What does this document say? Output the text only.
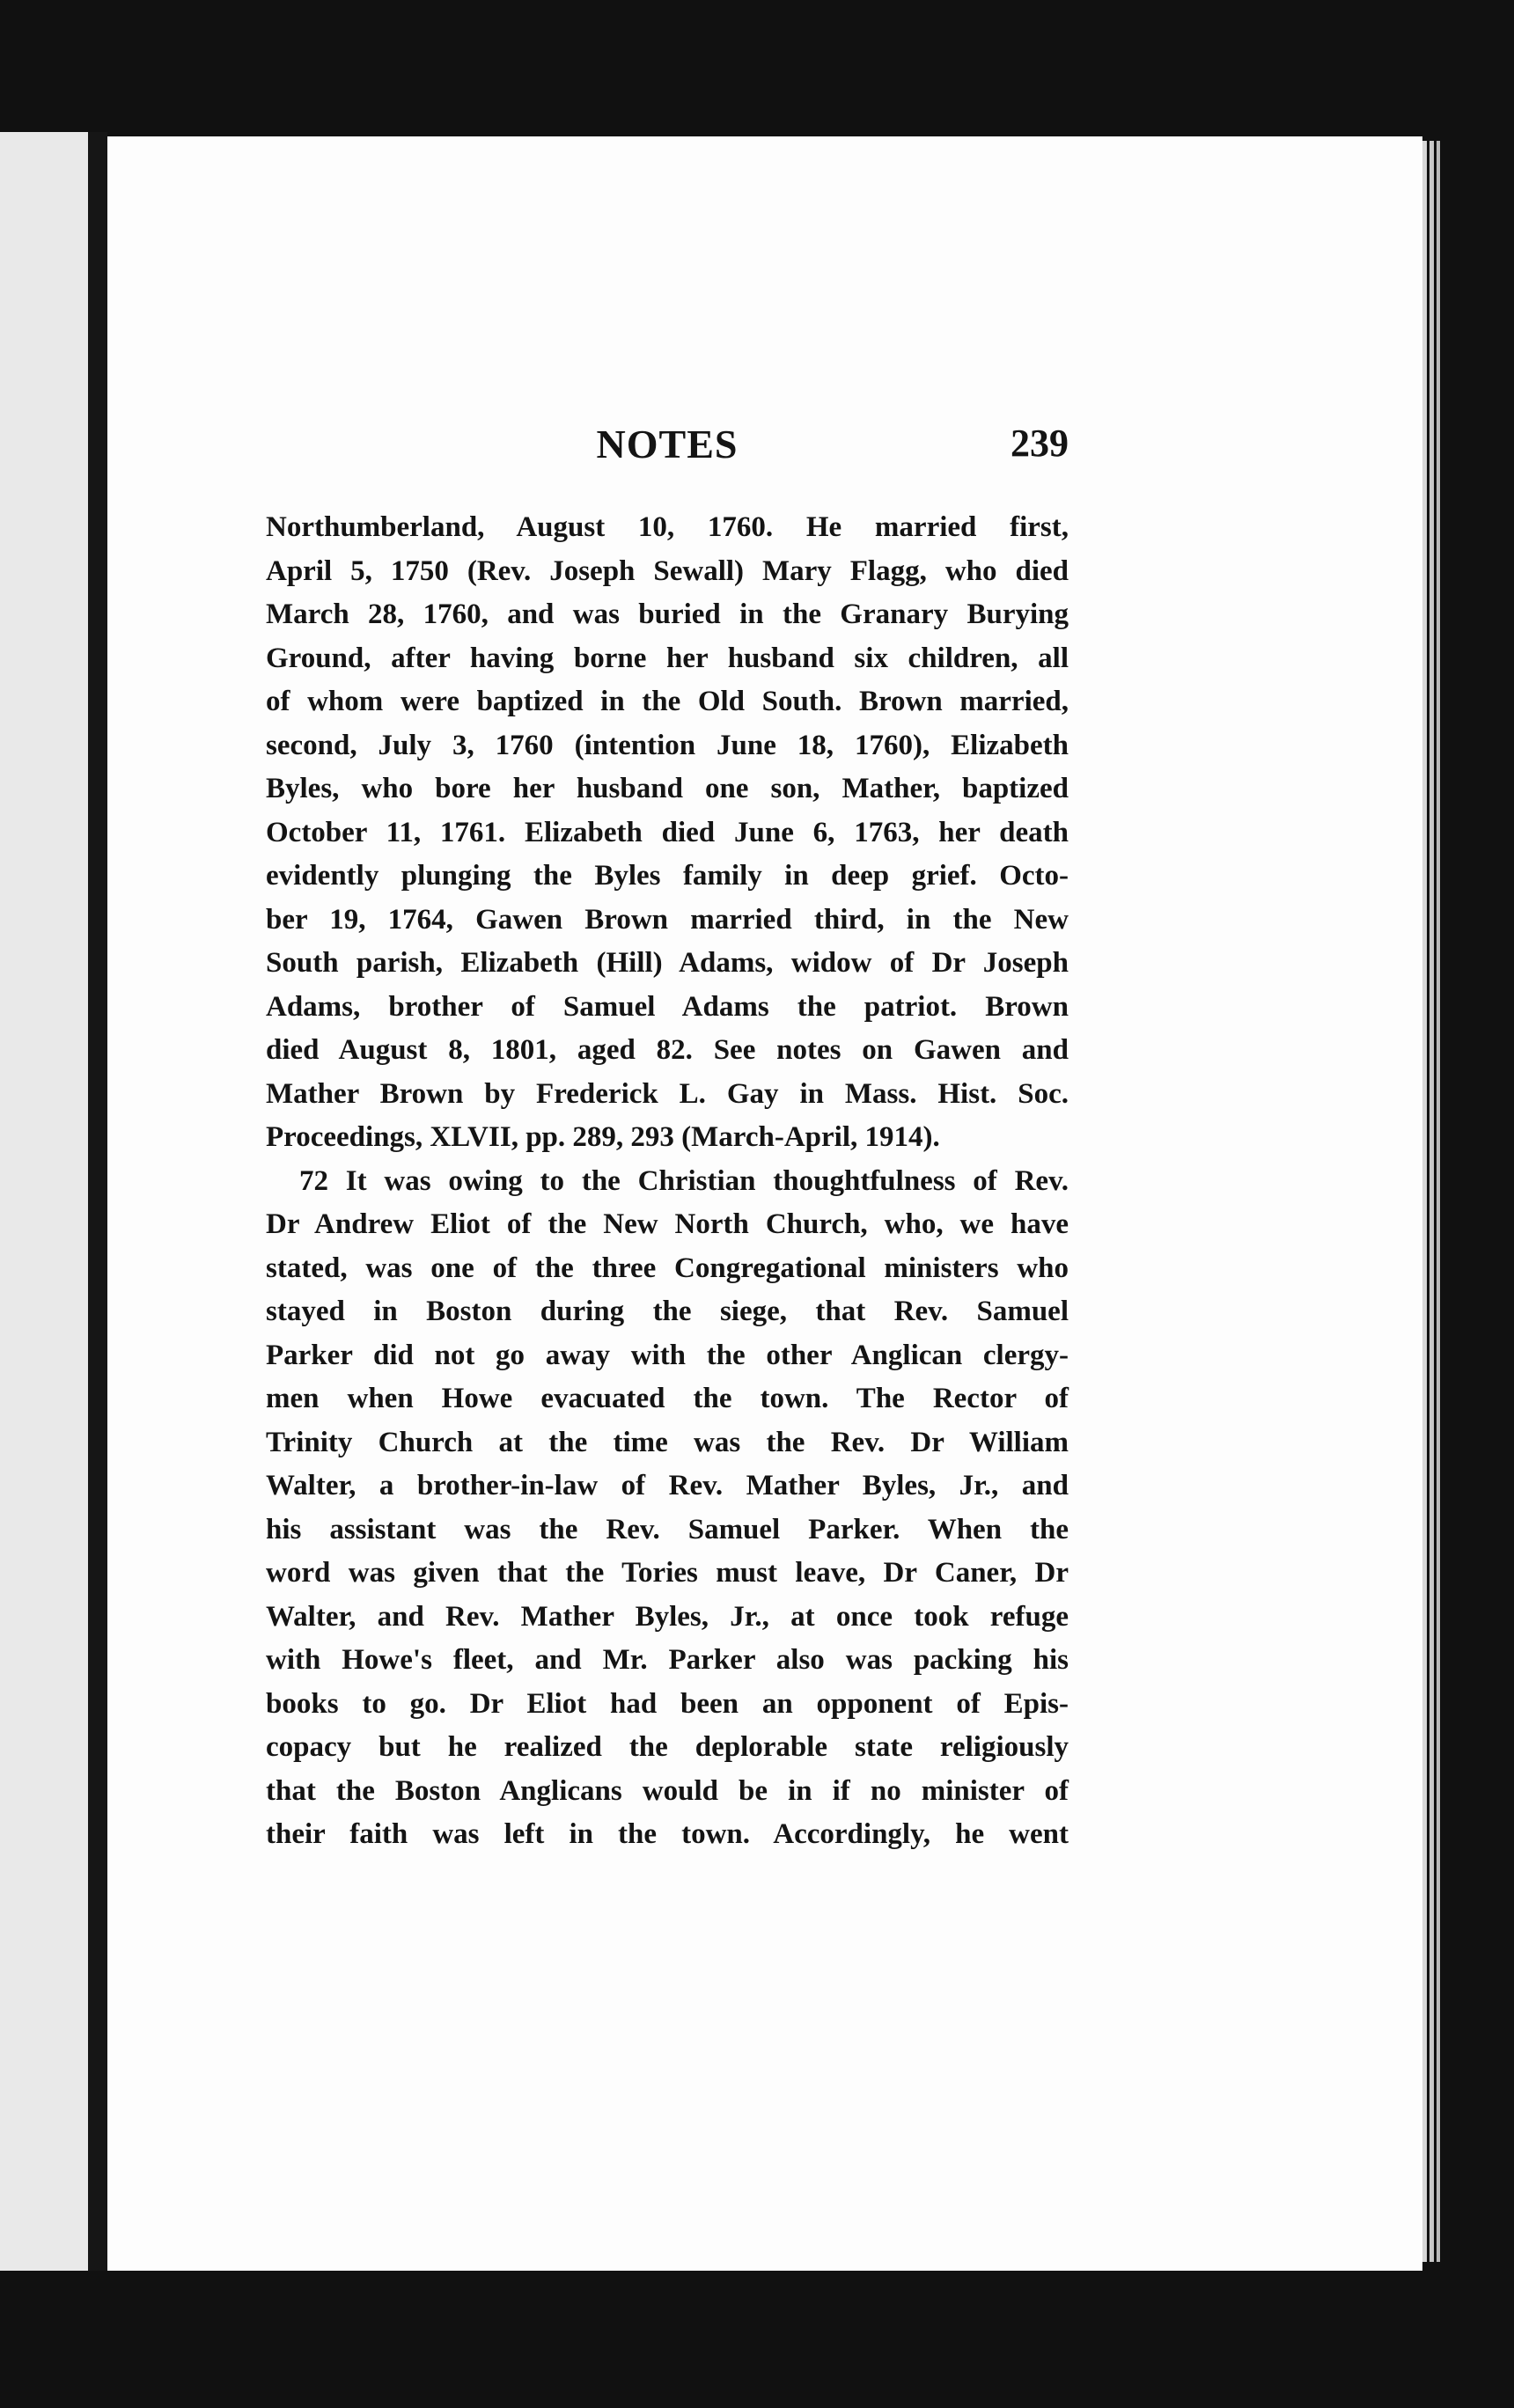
NOTES	239
Northumberland, August 10, 1760. He married first,
April 5, 1750 (Rev. Joseph Sewall) Mary Flagg, who died
March 28, 1760, and was buried in the Granary Burying
Ground, after having borne her husband six children, all
of whom were baptized in the Old South. Brown married,
second, July 3, 1760 (intention June 18, 1760), Elizabeth
Byles, who bore her husband one son, Mather, baptized
October 11, 1761. Elizabeth died June 6, 1763, her death
evidently plunging the Byles family in deep grief. Octo-
ber 19, 1764, Gawen Brown married third, in the New
South parish, Elizabeth (Hill) Adams, widow of Dr Joseph
Adams, brother of Samuel Adams the patriot. Brown
died August 8, 1801, aged 82. See notes on Gawen and
Mather Brown by Frederick L. Gay in Mass. Hist. Soc.
Proceedings, XLVII, pp. 289, 293 (March-April, 1914).
72 It was owing to the Christian thoughtfulness of Rev.
Dr Andrew Eliot of the New North Church, who, we have
stated, was one of the three Congregational ministers who
stayed in Boston during the siege, that Rev. Samuel
Parker did not go away with the other Anglican clergy-
men when Howe evacuated the town. The Rector of
Trinity Church at the time was the Rev. Dr William
Walter, a brother-in-law of Rev. Mather Byles, Jr., and
his assistant was the Rev. Samuel Parker. When the
word was given that the Tories must leave, Dr Caner, Dr
Walter, and Rev. Mather Byles, Jr., at once took refuge
with Howe's fleet, and Mr. Parker also was packing his
books to go. Dr Eliot had been an opponent of Epis-
copacy but he realized the deplorable state religiously
that the Boston Anglicans would be in if no minister of
their faith was left in the town. Accordingly, he went
